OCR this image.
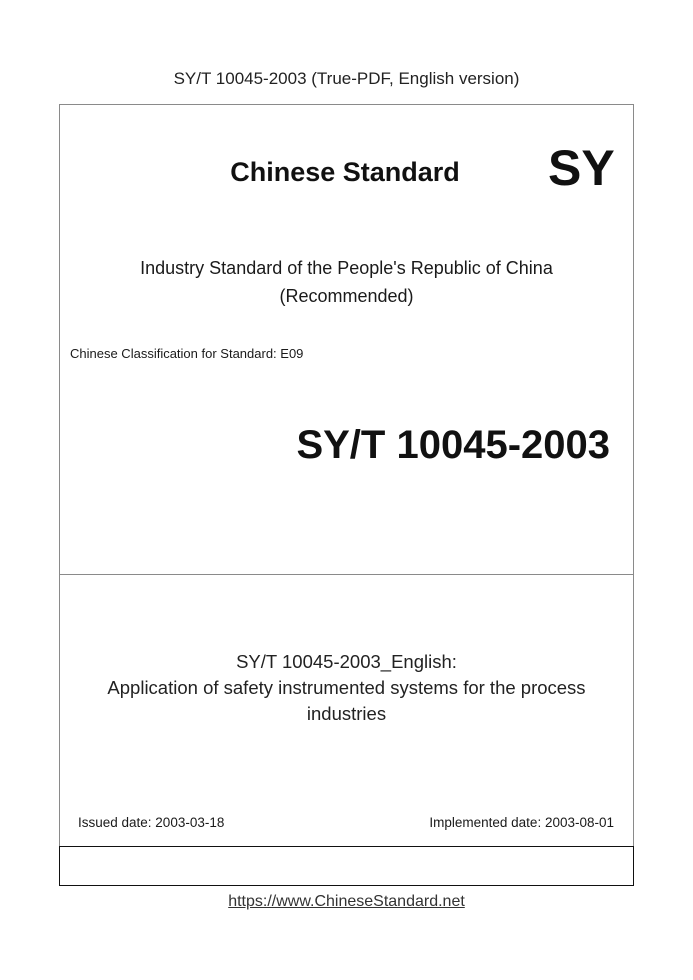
SY/T 10045-2003 (True-PDF, English version)
Chinese Standard	SY
Industry Standard of the People's Republic of China
(Recommended)
Chinese Classification for Standard: E09
SY/T 10045-2003
SY/T 10045-2003_English:
Application of safety instrumented systems for the process
industries
Issued date: 2003-03-18	Implemented date: 2003-08-01
https://www.ChineseStandard.net
